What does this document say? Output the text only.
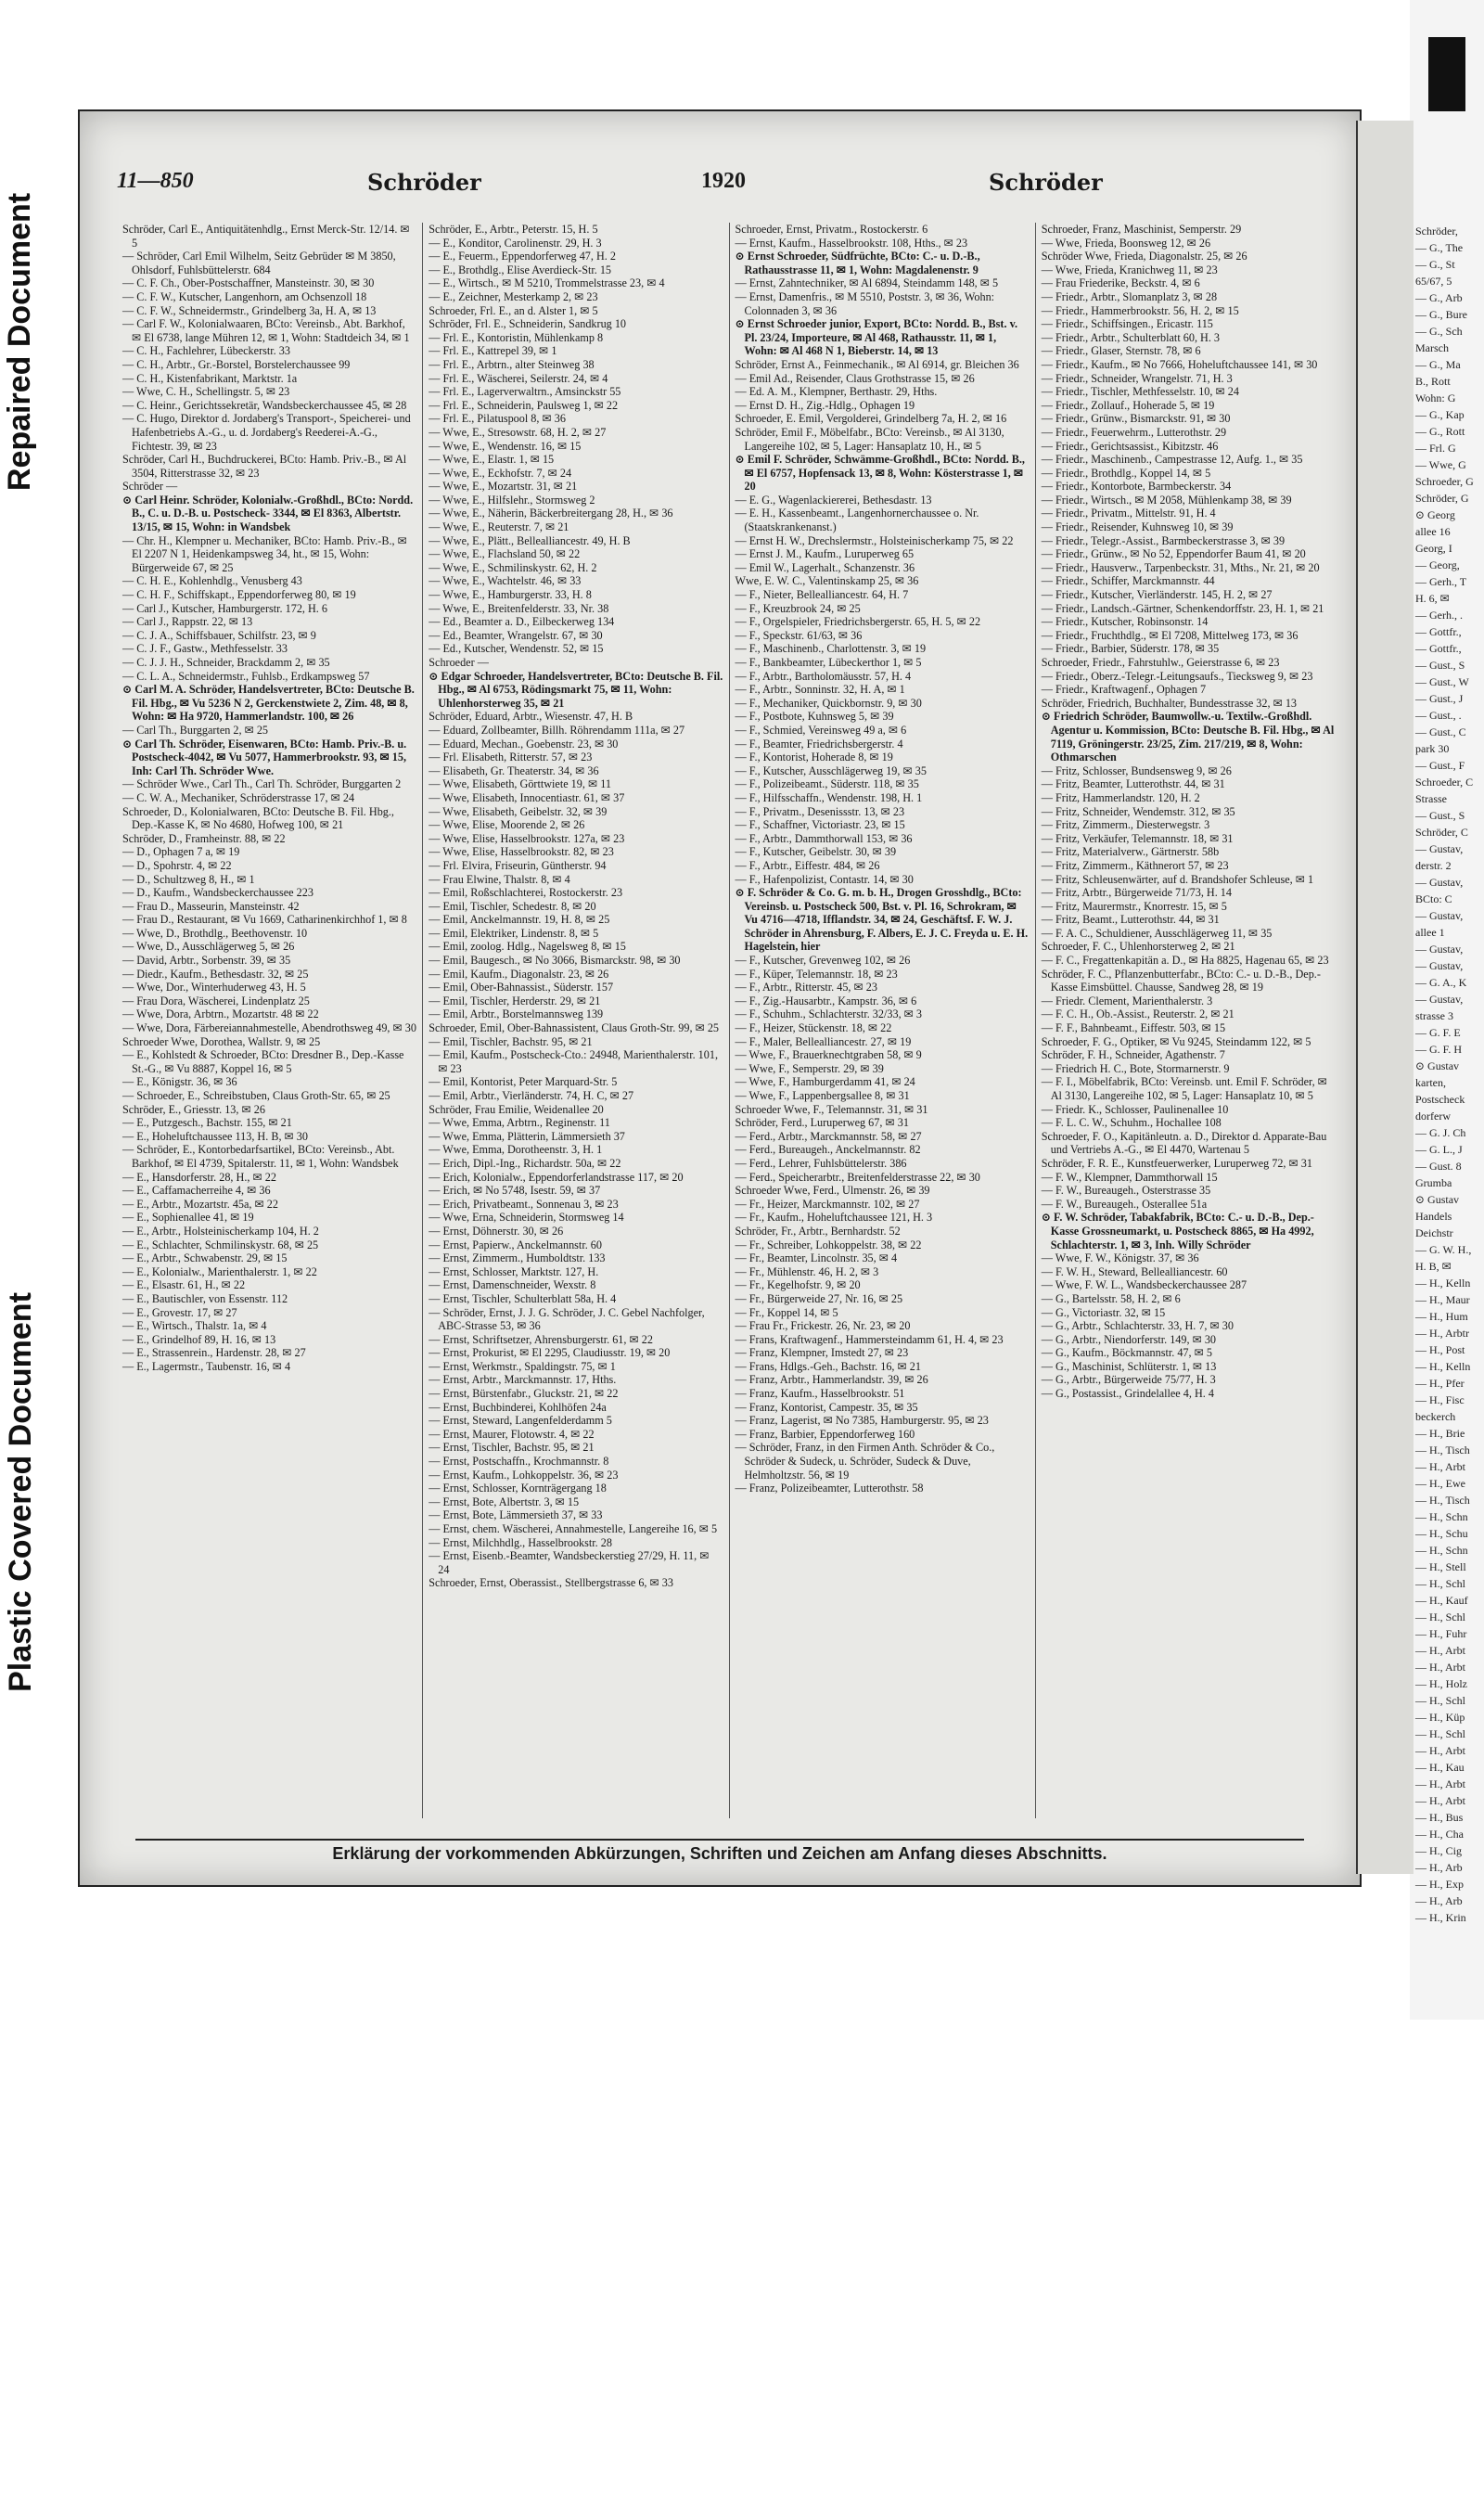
Repaired Document
Plastic Covered Document
11—850	Schröder	1920	Schröder

Schröder, Carl E., Antiquitätenhdlg., Ernst Merck-Str. 12/14. ✉ 5

— Schröder, Carl Emil Wilhelm, Seitz Gebrüder ✉ M 3850, Ohlsdorf, Fuhlsbüttelerstr. 684

— C. F. Ch., Ober-Postschaffner, Mansteinstr. 30, ✉ 30

— C. F. W., Kutscher, Langenhorn, am Ochsenzoll 18

— C. F. W., Schneidermstr., Grindelberg 3a, H. A, ✉ 13

— Carl F. W., Kolonialwaaren, BCto: Vereinsb., Abt. Barkhof, ✉ El 6738, lange Mühren 12, ✉ 1, Wohn: Stadtdeich 34, ✉ 1

— C. H., Fachlehrer, Lübeckerstr. 33

— C. H., Arbtr., Gr.-Borstel, Borstelerchaussee 99

— C. H., Kistenfabrikant, Marktstr. 1a

— Wwe, C. H., Schellingstr. 5, ✉ 23

— C. Heinr., Gerichtssekretär, Wandsbeckerchaussee 45, ✉ 28

— C. Hugo, Direktor d. Jordaberg's Transport-, Speicherei- und Hafenbetriebs A.-G., u. d. Jordaberg's Reederei-A.-G., Fichtestr. 39, ✉ 23

Schröder, Carl H., Buchdruckerei, BCto: Hamb. Priv.-B., ✉ Al 3504, Ritterstrasse 32, ✉ 23

Schröder —

⊙ Carl Heinr. Schröder, Kolonialw.-Großhdl., BCto: Nordd. B., C. u. D.-B. u. Postscheck- 3344, ✉ El 8363, Albertstr. 13/15, ✉ 15, Wohn: in Wandsbek

— Chr. H., Klempner u. Mechaniker, BCto: Hamb. Priv.-B., ✉ El 2207 N 1, Heidenkampsweg 34, ht., ✉ 15, Wohn: Bürgerweide 67, ✉ 25

— C. H. E., Kohlenhdlg., Venusberg 43

— C. H. F., Schiffskapt., Eppendorferweg 80, ✉ 19

— Carl J., Kutscher, Hamburgerstr. 172, H. 6

— Carl J., Rappstr. 22, ✉ 13

— C. J. A., Schiffsbauer, Schilfstr. 23, ✉ 9

— C. J. F., Gastw., Methfesselstr. 33

— C. J. J. H., Schneider, Brackdamm 2, ✉ 35

— C. L. A., Schneidermstr., Fuhlsb., Erdkampsweg 57

⊙ Carl M. A. Schröder, Handelsvertreter, BCto: Deutsche B. Fil. Hbg., ✉ Vu 5236 N 2, Gerckenstwiete 2, Zim. 48, ✉ 8, Wohn: ✉ Ha 9720, Hammerlandstr. 100, ✉ 26

— Carl Th., Burggarten 2, ✉ 25

⊙ Carl Th. Schröder, Eisenwaren, BCto: Hamb. Priv.-B. u. Postscheck-4042, ✉ Vu 5077, Hammerbrookstr. 93, ✉ 15, Inh: Carl Th. Schröder Wwe.

— Schröder Wwe., Carl Th., Carl Th. Schröder, Burggarten 2

— C. W. A., Mechaniker, Schröderstrasse 17, ✉ 24

Schroeder, D., Kolonialwaren, BCto: Deutsche B. Fil. Hbg., Dep.-Kasse K, ✉ No 4680, Hofweg 100, ✉ 21

Schröder, D., Framheinstr. 88, ✉ 22

— D., Ophagen 7 a, ✉ 19

— D., Spohrstr. 4, ✉ 22

— D., Schultzweg 8, H., ✉ 1

— D., Kaufm., Wandsbeckerchaussee 223

— Frau D., Masseurin, Mansteinstr. 42

— Frau D., Restaurant, ✉ Vu 1669, Catharinenkirchhof 1, ✉ 8

— Wwe, D., Brothdlg., Beethovenstr. 10

— Wwe, D., Ausschlägerweg 5, ✉ 26

— David, Arbtr., Sorbenstr. 39, ✉ 35

— Diedr., Kaufm., Bethesdastr. 32, ✉ 25

— Wwe, Dor., Winterhuderweg 43, H. 5

— Frau Dora, Wäscherei, Lindenplatz 25

— Wwe, Dora, Arbtrn., Mozartstr. 48 ✉ 22

— Wwe, Dora, Färbereiannahmestelle, Abendrothsweg 49, ✉ 30

Schroeder Wwe, Dorothea, Wallstr. 9, ✉ 25

— E., Kohlstedt & Schroeder, BCto: Dresdner B., Dep.-Kasse St.-G., ✉ Vu 8887, Koppel 16, ✉ 5

— E., Königstr. 36, ✉ 36

— Schroeder, E., Schreibstuben, Claus Groth-Str. 65, ✉ 25

Schröder, E., Griesstr. 13, ✉ 26

— E., Putzgesch., Bachstr. 155, ✉ 21

— E., Hoheluftchaussee 113, H. B, ✉ 30

— Schröder, E., Kontorbedarfsartikel, BCto: Vereinsb., Abt. Barkhof, ✉ El 4739, Spitalerstr. 11, ✉ 1, Wohn: Wandsbek

— E., Hansdorferstr. 28, H., ✉ 22

— E., Caffamacherreihe 4, ✉ 36

— E., Arbtr., Mozartstr. 45a, ✉ 22

— E., Sophienallee 41, ✉ 19

— E., Arbtr., Holsteinischerkamp 104, H. 2

— E., Schlachter, Schmilinskystr. 68, ✉ 25

— E., Arbtr., Schwabenstr. 29, ✉ 15

— E., Kolonialw., Marienthalerstr. 1, ✉ 22

— E., Elsastr. 61, H., ✉ 22

— E., Bautischler, von Essenstr. 112

— E., Grovestr. 17, ✉ 27

— E., Wirtsch., Thalstr. 1a, ✉ 4

— E., Grindelhof 89, H. 16, ✉ 13

— E., Strassenrein., Hardenstr. 28, ✉ 27

— E., Lagermstr., Taubenstr. 16, ✉ 4

Schröder, E., Arbtr., Peterstr. 15, H. 5

— E., Konditor, Carolinenstr. 29, H. 3

— E., Feuerm., Eppendorferweg 47, H. 2

— E., Brothdlg., Elise Averdieck-Str. 15

— E., Wirtsch., ✉ M 5210, Trommelstrasse 23, ✉ 4

— E., Zeichner, Mesterkamp 2, ✉ 23

Schroeder, Frl. E., an d. Alster 1, ✉ 5

Schröder, Frl. E., Schneiderin, Sandkrug 10

— Frl. E., Kontoristin, Mühlenkamp 8

— Frl. E., Kattrepel 39, ✉ 1

— Frl. E., Arbtrn., alter Steinweg 38

— Frl. E., Wäscherei, Seilerstr. 24, ✉ 4

— Frl. E., Lagerverwaltrn., Amsinckstr 55

— Frl. E., Schneiderin, Paulsweg 1, ✉ 22

— Frl. E., Pilatuspool 8, ✉ 36

— Wwe, E., Stresowstr. 68, H. 2, ✉ 27

— Wwe, E., Wendenstr. 16, ✉ 15

— Wwe, E., Elastr. 1, ✉ 15

— Wwe, E., Eckhofstr. 7, ✉ 24

— Wwe, E., Mozartstr. 31, ✉ 21

— Wwe, E., Hilfslehr., Stormsweg 2

— Wwe, E., Näherin, Bäckerbreitergang 28, H., ✉ 36

— Wwe, E., Reuterstr. 7, ✉ 21

— Wwe, E., Plätt., Bellealliancestr. 49, H. B

— Wwe, E., Flachsland 50, ✉ 22

— Wwe, E., Schmilinskystr. 62, H. 2

— Wwe, E., Wachtelstr. 46, ✉ 33

— Wwe, E., Hamburgerstr. 33, H. 8

— Wwe, E., Breitenfelderstr. 33, Nr. 38

— Ed., Beamter a. D., Eilbeckerweg 134

— Ed., Beamter, Wrangelstr. 67, ✉ 30

— Ed., Kutscher, Wendenstr. 52, ✉ 15

Schroeder —

⊙ Edgar Schroeder, Handelsvertreter, BCto: Deutsche B. Fil. Hbg., ✉ Al 6753, Rödingsmarkt 75, ✉ 11, Wohn: Uhlenhorsterweg 35, ✉ 21

Schröder, Eduard, Arbtr., Wiesenstr. 47, H. B

— Eduard, Zollbeamter, Billh. Röhrendamm 111a, ✉ 27

— Eduard, Mechan., Goebenstr. 23, ✉ 30

— Frl. Elisabeth, Ritterstr. 57, ✉ 23

— Elisabeth, Gr. Theaterstr. 34, ✉ 36

— Wwe, Elisabeth, Görttwiete 19, ✉ 11

— Wwe, Elisabeth, Innocentiastr. 61, ✉ 37

— Wwe, Elisabeth, Geibelstr. 32, ✉ 39

— Wwe, Elise, Moorende 2, ✉ 26

— Wwe, Elise, Hasselbrookstr. 127a, ✉ 23

— Wwe, Elise, Hasselbrookstr. 82, ✉ 23

— Frl. Elvira, Friseurin, Güntherstr. 94

— Frau Elwine, Thalstr. 8, ✉ 4

— Emil, Roßschlachterei, Rostockerstr. 23

— Emil, Tischler, Schedestr. 8, ✉ 20

— Emil, Anckelmannstr. 19, H. 8, ✉ 25

— Emil, Elektriker, Lindenstr. 8, ✉ 5

— Emil, zoolog. Hdlg., Nagelsweg 8, ✉ 15

— Emil, Baugesch., ✉ No 3066, Bismarckstr. 98, ✉ 30

— Emil, Kaufm., Diagonalstr. 23, ✉ 26

— Emil, Ober-Bahnassist., Süderstr. 157

— Emil, Tischler, Herderstr. 29, ✉ 21

— Emil, Arbtr., Borstelmannsweg 139

Schroeder, Emil, Ober-Bahnassistent, Claus Groth-Str. 99, ✉ 25

— Emil, Tischler, Bachstr. 95, ✉ 21

— Emil, Kaufm., Postscheck-Cto.: 24948, Marienthalerstr. 101, ✉ 23

— Emil, Kontorist, Peter Marquard-Str. 5

— Emil, Arbtr., Vierländerstr. 74, H. C, ✉ 27

Schröder, Frau Emilie, Weidenallee 20

— Wwe, Emma, Arbtrn., Reginenstr. 11

— Wwe, Emma, Plätterin, Lämmersieth 37

— Wwe, Emma, Dorotheenstr. 3, H. 1

— Erich, Dipl.-Ing., Richardstr. 50a, ✉ 22

— Erich, Kolonialw., Eppendorferlandstrasse 117, ✉ 20

— Erich, ✉ No 5748, Isestr. 59, ✉ 37

— Erich, Privatbeamt., Sonnenau 3, ✉ 23

— Wwe, Erna, Schneiderin, Stormsweg 14

— Ernst, Döhnerstr. 30, ✉ 26

— Ernst, Papierw., Anckelmannstr. 60

— Ernst, Zimmerm., Humboldtstr. 133

— Ernst, Schlosser, Marktstr. 127, H.

— Ernst, Damenschneider, Wexstr. 8

— Ernst, Tischler, Schulterblatt 58a, H. 4

— Schröder, Ernst, J. J. G. Schröder, J. C. Gebel Nachfolger, ABC-Strasse 53, ✉ 36

— Ernst, Schriftsetzer, Ahrensburgerstr. 61, ✉ 22

— Ernst, Prokurist, ✉ El 2295, Claudiusstr. 19, ✉ 20

— Ernst, Werkmstr., Spaldingstr. 75, ✉ 1

— Ernst, Arbtr., Marckmannstr. 17, Hths.

— Ernst, Bürstenfabr., Gluckstr. 21, ✉ 22

— Ernst, Buchbinderei, Kohlhöfen 24a

— Ernst, Steward, Langenfelderdamm 5

— Ernst, Maurer, Flotowstr. 4, ✉ 22

— Ernst, Tischler, Bachstr. 95, ✉ 21

— Ernst, Postschaffn., Krochmannstr. 8

— Ernst, Kaufm., Lohkoppelstr. 36, ✉ 23

— Ernst, Schlosser, Kornträgergang 18

— Ernst, Bote, Albertstr. 3, ✉ 15

— Ernst, Bote, Lämmersieth 37, ✉ 33

— Ernst, chem. Wäscherei, Annahmestelle, Langereihe 16, ✉ 5

— Ernst, Milchhdlg., Hasselbrookstr. 28

— Ernst, Eisenb.-Beamter, Wandsbeckerstieg 27/29, H. 11, ✉ 24

Schroeder, Ernst, Oberassist., Stellbergstrasse 6, ✉ 33

Schroeder, Ernst, Privatm., Rostockerstr. 6

— Ernst, Kaufm., Hasselbrookstr. 108, Hths., ✉ 23

⊙ Ernst Schroeder, Südfrüchte, BCto: C.- u. D.-B., Rathausstrasse 11, ✉ 1, Wohn: Magdalenenstr. 9

— Ernst, Zahntechniker, ✉ Al 6894, Steindamm 148, ✉ 5

— Ernst, Damenfris., ✉ M 5510, Poststr. 3, ✉ 36, Wohn: Colonnaden 3, ✉ 36

⊙ Ernst Schroeder junior, Export, BCto: Nordd. B., Bst. v. Pl. 23/24, Importeure, ✉ Al 468, Rathausstr. 11, ✉ 1, Wohn: ✉ Al 468 N 1, Bieberstr. 14, ✉ 13

Schröder, Ernst A., Feinmechanik., ✉ Al 6914, gr. Bleichen 36

— Emil Ad., Reisender, Claus Grothstrasse 15, ✉ 26

— Ed. A. M., Klempner, Berthastr. 29, Hths.

— Ernst D. H., Zig.-Hdlg., Ophagen 19

Schroeder, E. Emil, Vergolderei, Grindelberg 7a, H. 2, ✉ 16

Schröder, Emil F., Möbelfabr., BCto: Vereinsb., ✉ Al 3130, Langereihe 102, ✉ 5, Lager: Hansaplatz 10, H., ✉ 5

⊙ Emil F. Schröder, Schwämme-Großhdl., BCto: Nordd. B., ✉ El 6757, Hopfensack 13, ✉ 8, Wohn: Kösterstrasse 1, ✉ 20

— E. G., Wagenlackiererei, Bethesdastr. 13

— E. H., Kassenbeamt., Langenhornerchaussee o. Nr. (Staatskrankenanst.)

— Ernst H. W., Drechslermstr., Holsteinischerkamp 75, ✉ 22

— Ernst J. M., Kaufm., Luruperweg 65

— Emil W., Lagerhalt., Schanzenstr. 36

Wwe, E. W. C., Valentinskamp 25, ✉ 36

— F., Nieter, Bellealliancestr. 64, H. 7

— F., Kreuzbrook 24, ✉ 25

— F., Orgelspieler, Friedrichsbergerstr. 65, H. 5, ✉ 22

— F., Speckstr. 61/63, ✉ 36

— F., Maschinenb., Charlottenstr. 3, ✉ 19

— F., Bankbeamter, Lübeckerthor 1, ✉ 5

— F., Arbtr., Bartholomäusstr. 57, H. 4

— F., Arbtr., Sonninstr. 32, H. A, ✉ 1

— F., Mechaniker, Quickbornstr. 9, ✉ 30

— F., Postbote, Kuhnsweg 5, ✉ 39

— F., Schmied, Vereinsweg 49 a, ✉ 6

— F., Beamter, Friedrichsbergerstr. 4

— F., Kontorist, Hoherade 8, ✉ 19

— F., Kutscher, Ausschlägerweg 19, ✉ 35

— F., Polizeibeamt., Süderstr. 118, ✉ 35

— F., Hilfsschaffn., Wendenstr. 198, H. 1

— F., Privatm., Desenissstr. 13, ✉ 23

— F., Schaffner, Victoriastr. 23, ✉ 15

— F., Arbtr., Dammthorwall 153, ✉ 36

— F., Kutscher, Geibelstr. 30, ✉ 39

— F., Arbtr., Eiffestr. 484, ✉ 26

— F., Hafenpolizist, Contastr. 14, ✉ 30

⊙ F. Schröder & Co. G. m. b. H., Drogen Grosshdlg., BCto: Vereinsb. u. Postscheck 500, Bst. v. Pl. 16, Schrokram, ✉ Vu 4716—4718, Ifflandstr. 34, ✉ 24, Geschäftsf. F. W. J. Schröder in Ahrensburg, F. Albers, E. J. C. Freyda u. E. H. Hagelstein, hier

— F., Kutscher, Grevenweg 102, ✉ 26

— F., Küper, Telemannstr. 18, ✉ 23

— F., Arbtr., Ritterstr. 45, ✉ 23

— F., Zig.-Hausarbtr., Kampstr. 36, ✉ 6

— F., Schuhm., Schlachterstr. 32/33, ✉ 3

— F., Heizer, Stückenstr. 18, ✉ 22

— F., Maler, Bellealliancestr. 27, ✉ 19

— Wwe, F., Brauerknechtgraben 58, ✉ 9

— Wwe, F., Semperstr. 29, ✉ 39

— Wwe, F., Hamburgerdamm 41, ✉ 24

— Wwe, F., Lappenbergsallee 8, ✉ 31

Schroeder Wwe, F., Telemannstr. 31, ✉ 31

Schröder, Ferd., Luruperweg 67, ✉ 31

— Ferd., Arbtr., Marckmannstr. 58, ✉ 27

— Ferd., Bureaugeh., Anckelmannstr. 82

— Ferd., Lehrer, Fuhlsbüttelerstr. 386

— Ferd., Speicherarbtr., Breitenfelderstrasse 22, ✉ 30

Schroeder Wwe, Ferd., Ulmenstr. 26, ✉ 39

— Fr., Heizer, Marckmannstr. 102, ✉ 27

— Fr., Kaufm., Hoheluftchaussee 121, H. 3

Schröder, Fr., Arbtr., Bernhardstr. 52

— Fr., Schreiber, Lohkoppelstr. 38, ✉ 22

— Fr., Beamter, Lincolnstr. 35, ✉ 4

— Fr., Mühlenstr. 46, H. 2, ✉ 3

— Fr., Kegelhofstr. 9, ✉ 20

— Fr., Bürgerweide 27, Nr. 16, ✉ 25

— Fr., Koppel 14, ✉ 5

— Frau Fr., Frickestr. 26, Nr. 23, ✉ 20

— Frans, Kraftwagenf., Hammersteindamm 61, H. 4, ✉ 23

— Franz, Klempner, Imstedt 27, ✉ 23

— Frans, Hdlgs.-Geh., Bachstr. 16, ✉ 21

— Franz, Arbtr., Hammerlandstr. 39, ✉ 26

— Franz, Kaufm., Hasselbrookstr. 51

— Franz, Kontorist, Campestr. 35, ✉ 35

— Franz, Lagerist, ✉ No 7385, Hamburgerstr. 95, ✉ 23

— Franz, Barbier, Eppendorferweg 160

— Schröder, Franz, in den Firmen Anth. Schröder & Co., Schröder & Sudeck, u. Schröder, Sudeck & Duve, Helmholtzstr. 56, ✉ 19

— Franz, Polizeibeamter, Lutterothstr. 58

Schroeder, Franz, Maschinist, Semperstr. 29

— Wwe, Frieda, Boonsweg 12, ✉ 26

Schröder Wwe, Frieda, Diagonalstr. 25, ✉ 26

— Wwe, Frieda, Kranichweg 11, ✉ 23

— Frau Friederike, Beckstr. 4, ✉ 6

— Friedr., Arbtr., Slomanplatz 3, ✉ 28

— Friedr., Hammerbrookstr. 56, H. 2, ✉ 15

— Friedr., Schiffsingen., Ericastr. 115

— Friedr., Arbtr., Schulterblatt 60, H. 3

— Friedr., Glaser, Sternstr. 78, ✉ 6

— Friedr., Kaufm., ✉ No 7666, Hoheluftchaussee 141, ✉ 30

— Friedr., Schneider, Wrangelstr. 71, H. 3

— Friedr., Tischler, Methfesselstr. 10, ✉ 24

— Friedr., Zollauf., Hoherade 5, ✉ 19

— Friedr., Grünw., Bismarckstr. 91, ✉ 30

— Friedr., Feuerwehrm., Lutterothstr. 29

— Friedr., Gerichtsassist., Kibitzstr. 46

— Friedr., Maschinenb., Campestrasse 12, Aufg. 1., ✉ 35

— Friedr., Brothdlg., Koppel 14, ✉ 5

— Friedr., Kontorbote, Barmbeckerstr. 34

— Friedr., Wirtsch., ✉ M 2058, Mühlenkamp 38, ✉ 39

— Friedr., Privatm., Mittelstr. 91, H. 4

— Friedr., Reisender, Kuhnsweg 10, ✉ 39

— Friedr., Telegr.-Assist., Barmbeckerstrasse 3, ✉ 39

— Friedr., Grünw., ✉ No 52, Eppendorfer Baum 41, ✉ 20

— Friedr., Hausverw., Tarpenbeckstr. 31, Mths., Nr. 21, ✉ 20

— Friedr., Schiffer, Marckmannstr. 44

— Friedr., Kutscher, Vierländerstr. 145, H. 2, ✉ 27

— Friedr., Landsch.-Gärtner, Schenkendorffstr. 23, H. 1, ✉ 21

— Friedr., Kutscher, Robinsonstr. 14

— Friedr., Fruchthdlg., ✉ El 7208, Mittelweg 173, ✉ 36

— Friedr., Barbier, Süderstr. 178, ✉ 35

Schroeder, Friedr., Fahrstuhlw., Geierstrasse 6, ✉ 23

— Friedr., Oberz.-Telegr.-Leitungsaufs., Tiecksweg 9, ✉ 23

— Friedr., Kraftwagenf., Ophagen 7

Schröder, Friedrich, Buchhalter, Bundesstrasse 32, ✉ 13

⊙ Friedrich Schröder, Baumwollw.-u. Textilw.-Großhdl. Agentur u. Kommission, BCto: Deutsche B. Fil. Hbg., ✉ Al 7119, Gröningerstr. 23/25, Zim. 217/219, ✉ 8, Wohn: Othmarschen

— Fritz, Schlosser, Bundsensweg 9, ✉ 26

— Fritz, Beamter, Lutterothstr. 44, ✉ 31

— Fritz, Hammerlandstr. 120, H. 2

— Fritz, Schneider, Wendemstr. 312, ✉ 35

— Fritz, Zimmerm., Diesterwegstr. 3

— Fritz, Verkäufer, Telemannstr. 18, ✉ 31

— Fritz, Materialverw., Gärtnerstr. 58b

— Fritz, Zimmerm., Käthnerort 57, ✉ 23

— Fritz, Schleusenwärter, auf d. Brandshofer Schleuse, ✉ 1

— Fritz, Arbtr., Bürgerweide 71/73, H. 14

— Fritz, Maurermstr., Knorrestr. 15, ✉ 5

— Fritz, Beamt., Lutterothstr. 44, ✉ 31

— F. A. C., Schuldiener, Ausschlägerweg 11, ✉ 35

Schroeder, F. C., Uhlenhorsterweg 2, ✉ 21

— F. C., Fregattenkapitän a. D., ✉ Ha 8825, Hagenau 65, ✉ 23

Schröder, F. C., Pflanzenbutterfabr., BCto: C.- u. D.-B., Dep.-Kasse Eimsbüttel. Chausse, Sandweg 28, ✉ 19

— Friedr. Clement, Marienthalerstr. 3

— F. C. H., Ob.-Assist., Reuterstr. 2, ✉ 21

— F. F., Bahnbeamt., Eiffestr. 503, ✉ 15

Schroeder, F. G., Optiker, ✉ Vu 9245, Steindamm 122, ✉ 5

Schröder, F. H., Schneider, Agathenstr. 7

— Friedrich H. C., Bote, Stormarnerstr. 9

— F. I., Möbelfabrik, BCto: Vereinsb. unt. Emil F. Schröder, ✉ Al 3130, Langereihe 102, ✉ 5, Lager: Hansaplatz 10, ✉ 5

— Friedr. K., Schlosser, Paulinenallee 10

— F. L. C. W., Schuhm., Hochallee 108

Schroeder, F. O., Kapitänleutn. a. D., Direktor d. Apparate-Bau und Vertriebs A.-G., ✉ El 4470, Wartenau 5

Schröder, F. R. E., Kunstfeuerwerker, Luruperweg 72, ✉ 31

— F. W., Klempner, Dammthorwall 15

— F. W., Bureaugeh., Osterstrasse 35

— F. W., Bureaugeh., Osterallee 51a

⊙ F. W. Schröder, Tabakfabrik, BCto: C.- u. D.-B., Dep.-Kasse Grossneumarkt, u. Postscheck 8865, ✉ Ha 4992, Schlachterstr. 1, ✉ 3, Inh. Willy Schröder

— Wwe, F. W., Königstr. 37, ✉ 36

— F. W. H., Steward, Bellealliancestr. 60

— Wwe, F. W. L., Wandsbeckerchaussee 287

— G., Bartelsstr. 58, H. 2, ✉ 6

— G., Victoriastr. 32, ✉ 15

— G., Arbtr., Schlachterstr. 33, H. 7, ✉ 30

— G., Arbtr., Niendorferstr. 149, ✉ 30

— G., Kaufm., Böckmannstr. 47, ✉ 5

— G., Maschinist, Schlüterstr. 1, ✉ 13

— G., Arbtr., Bürgerweide 75/77, H. 3

— G., Postassist., Grindelallee 4, H. 4

Erklärung der vorkommenden Abkürzungen, Schriften und Zeichen am Anfang dieses Abschnitts.
Schröder,
— G., The
— G., St
65/67, 5
— G., Arb
— G., Bure
— G., Sch
Marsch
— G., Ma
B., Rott
Wohn: G
— G., Kap
— G., Rott
— Frl. G
— Wwe, G
Schroeder, G
Schröder, G
⊙ Georg
allee 16
Georg, I
— Georg,
— Gerh., T
H. 6, ✉
— Gerh., .
— Gottfr.,
— Gottfr.,
— Gust., S
— Gust., W
— Gust., J
— Gust., .
— Gust., C
park 30
— Gust., F
Schroeder, C
Strasse
— Gust., S
Schröder, C
— Gustav,
derstr. 2
— Gustav,
BCto: C
— Gustav,
allee 1
— Gustav,
— Gustav,
— G. A., K
— Gustav,
strasse 3
— G. F. E
— G. F. H
⊙ Gustav
karten,
Postscheck
dorferw
— G. J. Ch
— G. L., J
— Gust. 8
Grumba
⊙ Gustav
Handels
Deichstr
— G. W. H.,
H. B, ✉
— H., Kelln
— H., Maur
— H., Hum
— H., Arbtr
— H., Post
— H., Kelln
— H., Pfer
— H., Fisc
beckerch
— H., Brie
— H., Tisch
— H., Arbt
— H., Ewe
— H., Tisch
— H., Schn
— H., Schu
— H., Schn
— H., Stell
— H., Schl
— H., Kauf
— H., Schl
— H., Fuhr
— H., Arbt
— H., Arbt
— H., Holz
— H., Schl
— H., Küp
— H., Schl
— H., Arbt
— H., Kau
— H., Arbt
— H., Arbt
— H., Bus
— H., Cha
— H., Cig
— H., Arb
— H., Exp
— H., Arb
— H., Krin
